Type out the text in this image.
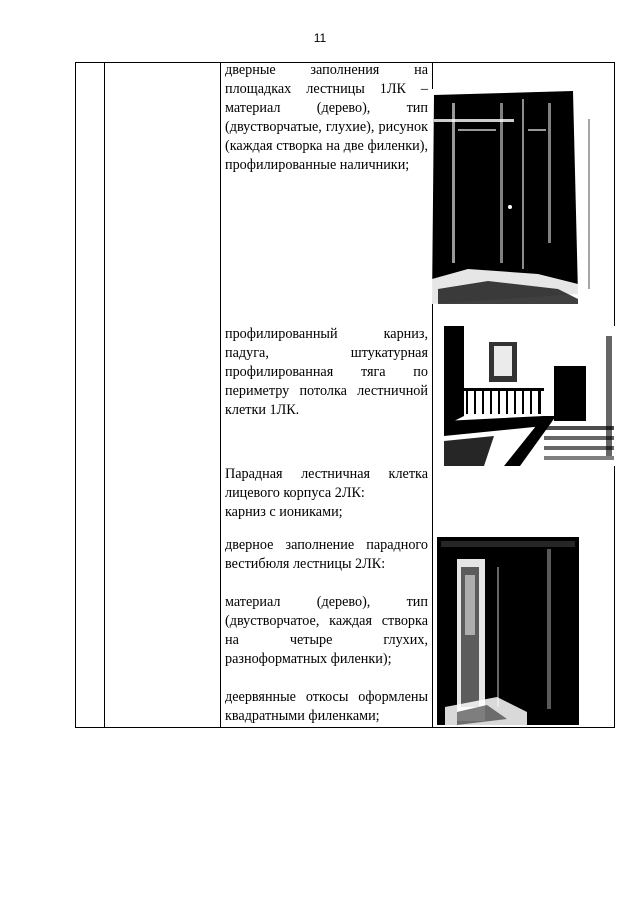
11

дверные заполнения на площадках лестницы 1ЛК – материал (дерево), тип (двустворчатые, глухие), рисунок (каждая створка на две филенки), профилированные наличники;

профилированный карниз, падуга, штукатурная профилированная тяга по периметру потолка лестничной клетки 1ЛК.

Парадная лестничная клетка лицевого корпуса 2ЛК:

карниз с иониками;

дверное заполнение парадного вестибюля лестницы 2ЛК:

материал (дерево), тип (двустворчатое, каждая створка на четыре глухих, разноформатных филенки);

деервянные откосы оформлены квадратными филенками;
